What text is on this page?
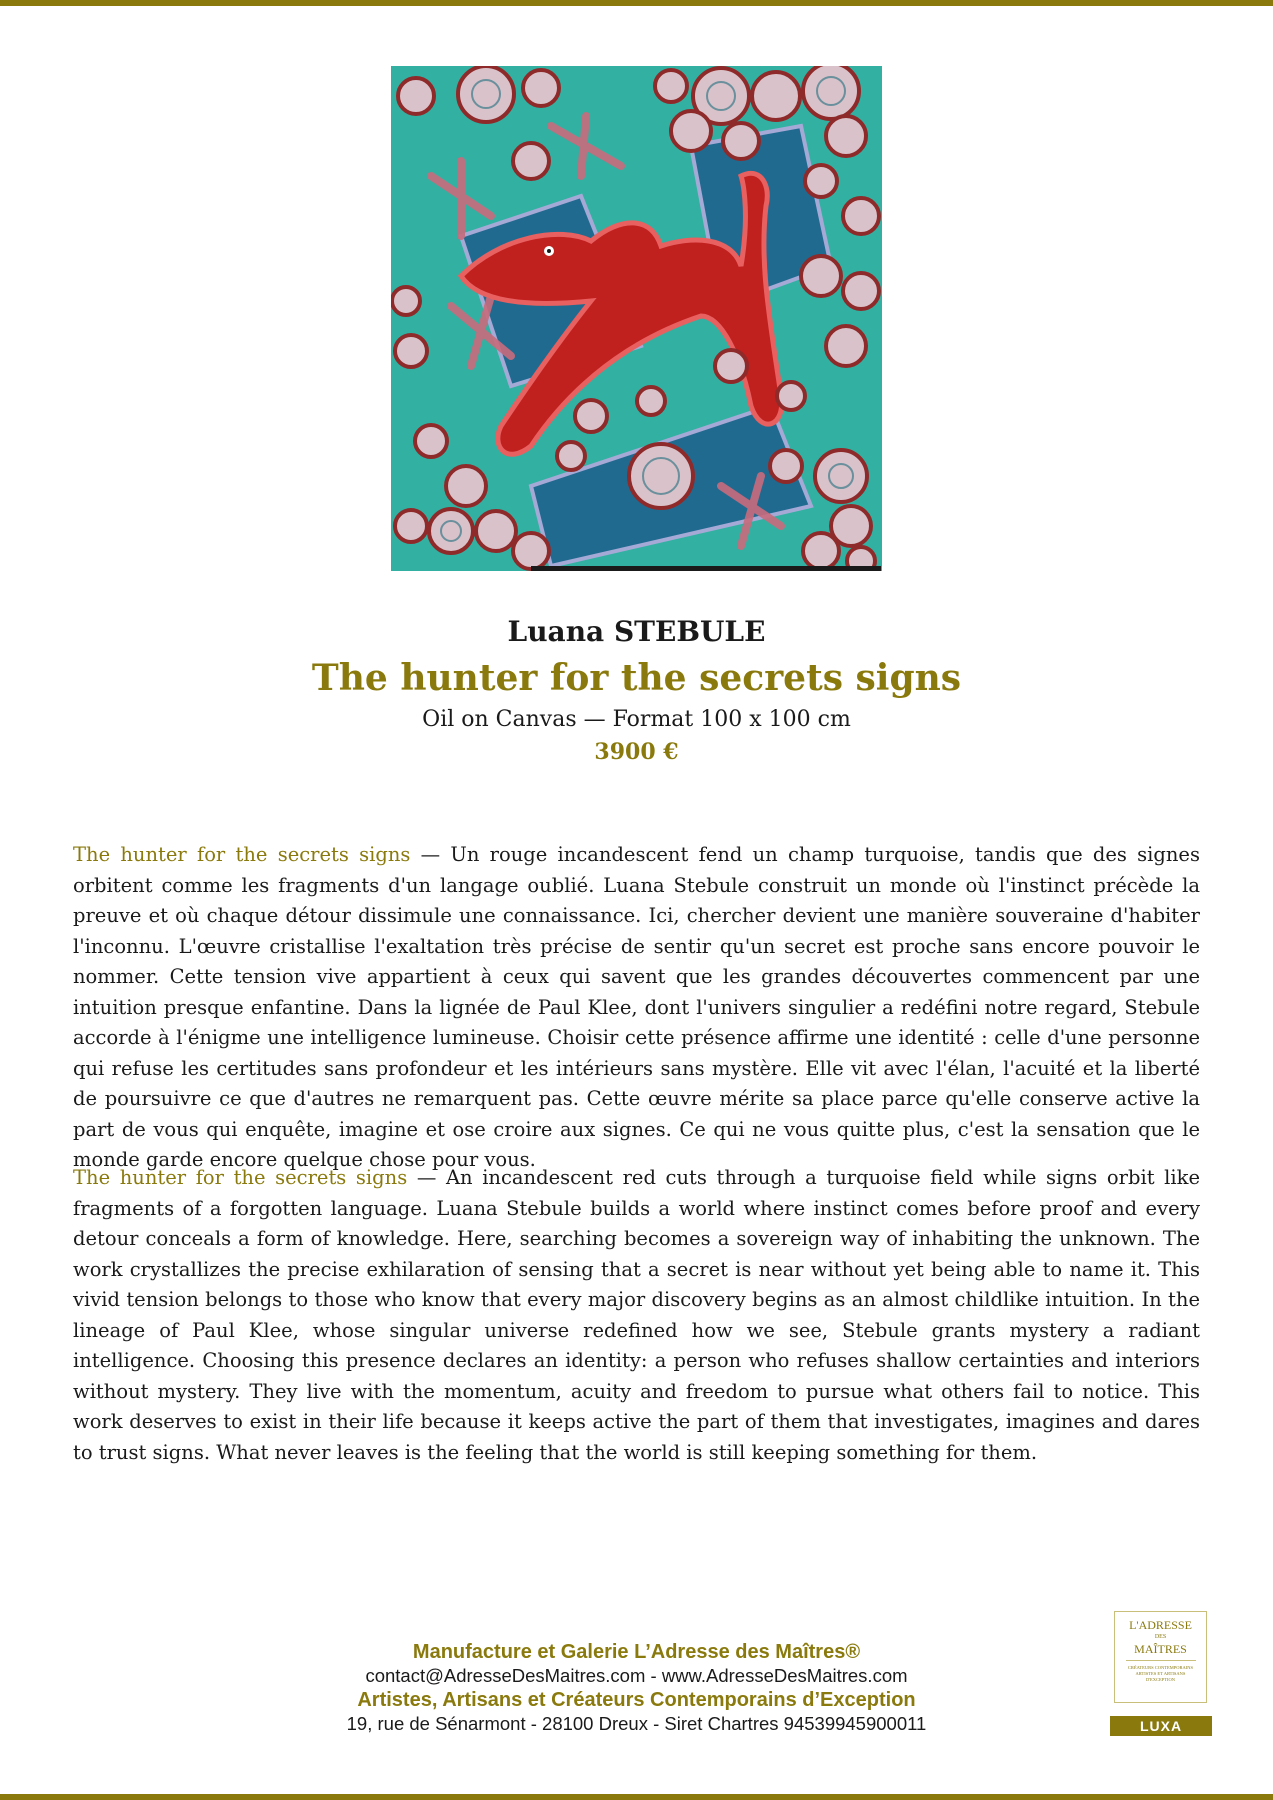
Luana STEBULE
The hunter for the secrets signs
Oil on Canvas — Format 100 x 100 cm
3900 €
The hunter for the secrets signs — Un rouge incandescent fend un champ turquoise, tandis que des signes orbitent comme les fragments d'un langage oublié. Luana Stebule construit un monde où l'instinct précède la preuve et où chaque détour dissimule une connaissance. Ici, chercher devient une manière souveraine d'habiter l'inconnu. L'œuvre cristallise l'exaltation très précise de sentir qu'un secret est proche sans encore pouvoir le nommer. Cette tension vive appartient à ceux qui savent que les grandes découvertes commencent par une intuition presque enfantine. Dans la lignée de Paul Klee, dont l'univers singulier a redéfini notre regard, Stebule accorde à l'énigme une intelligence lumineuse. Choisir cette présence affirme une identité : celle d'une personne qui refuse les certitudes sans profondeur et les intérieurs sans mystère. Elle vit avec l'élan, l'acuité et la liberté de poursuivre ce que d'autres ne remarquent pas. Cette œuvre mérite sa place parce qu'elle conserve active la part de vous qui enquête, imagine et ose croire aux signes. Ce qui ne vous quitte plus, c'est la sensation que le monde garde encore quelque chose pour vous.
The hunter for the secrets signs — An incandescent red cuts through a turquoise field while signs orbit like fragments of a forgotten language. Luana Stebule builds a world where instinct comes before proof and every detour conceals a form of knowledge. Here, searching becomes a sovereign way of inhabiting the unknown. The work crystallizes the precise exhilaration of sensing that a secret is near without yet being able to name it. This vivid tension belongs to those who know that every major discovery begins as an almost childlike intuition. In the lineage of Paul Klee, whose singular universe redefined how we see, Stebule grants mystery a radiant intelligence. Choosing this presence declares an identity: a person who refuses shallow certainties and interiors without mystery. They live with the momentum, acuity and freedom to pursue what others fail to notice. This work deserves to exist in their life because it keeps active the part of them that investigates, imagines and dares to trust signs. What never leaves is the feeling that the world is still keeping something for them.
Manufacture et Galerie L’Adresse des Maîtres®
contact@AdresseDesMaitres.com - www.AdresseDesMaitres.com
Artistes, Artisans et Créateurs Contemporains d’Exception
19, rue de Sénarmont - 28100 Dreux - Siret Chartres 94539945900011
L'ADRESSE
DES
MAÎTRES
CRÉATEURS CONTEMPORAINS
ARTISTES ET ARTISANS
D'EXCEPTION
LUXA
